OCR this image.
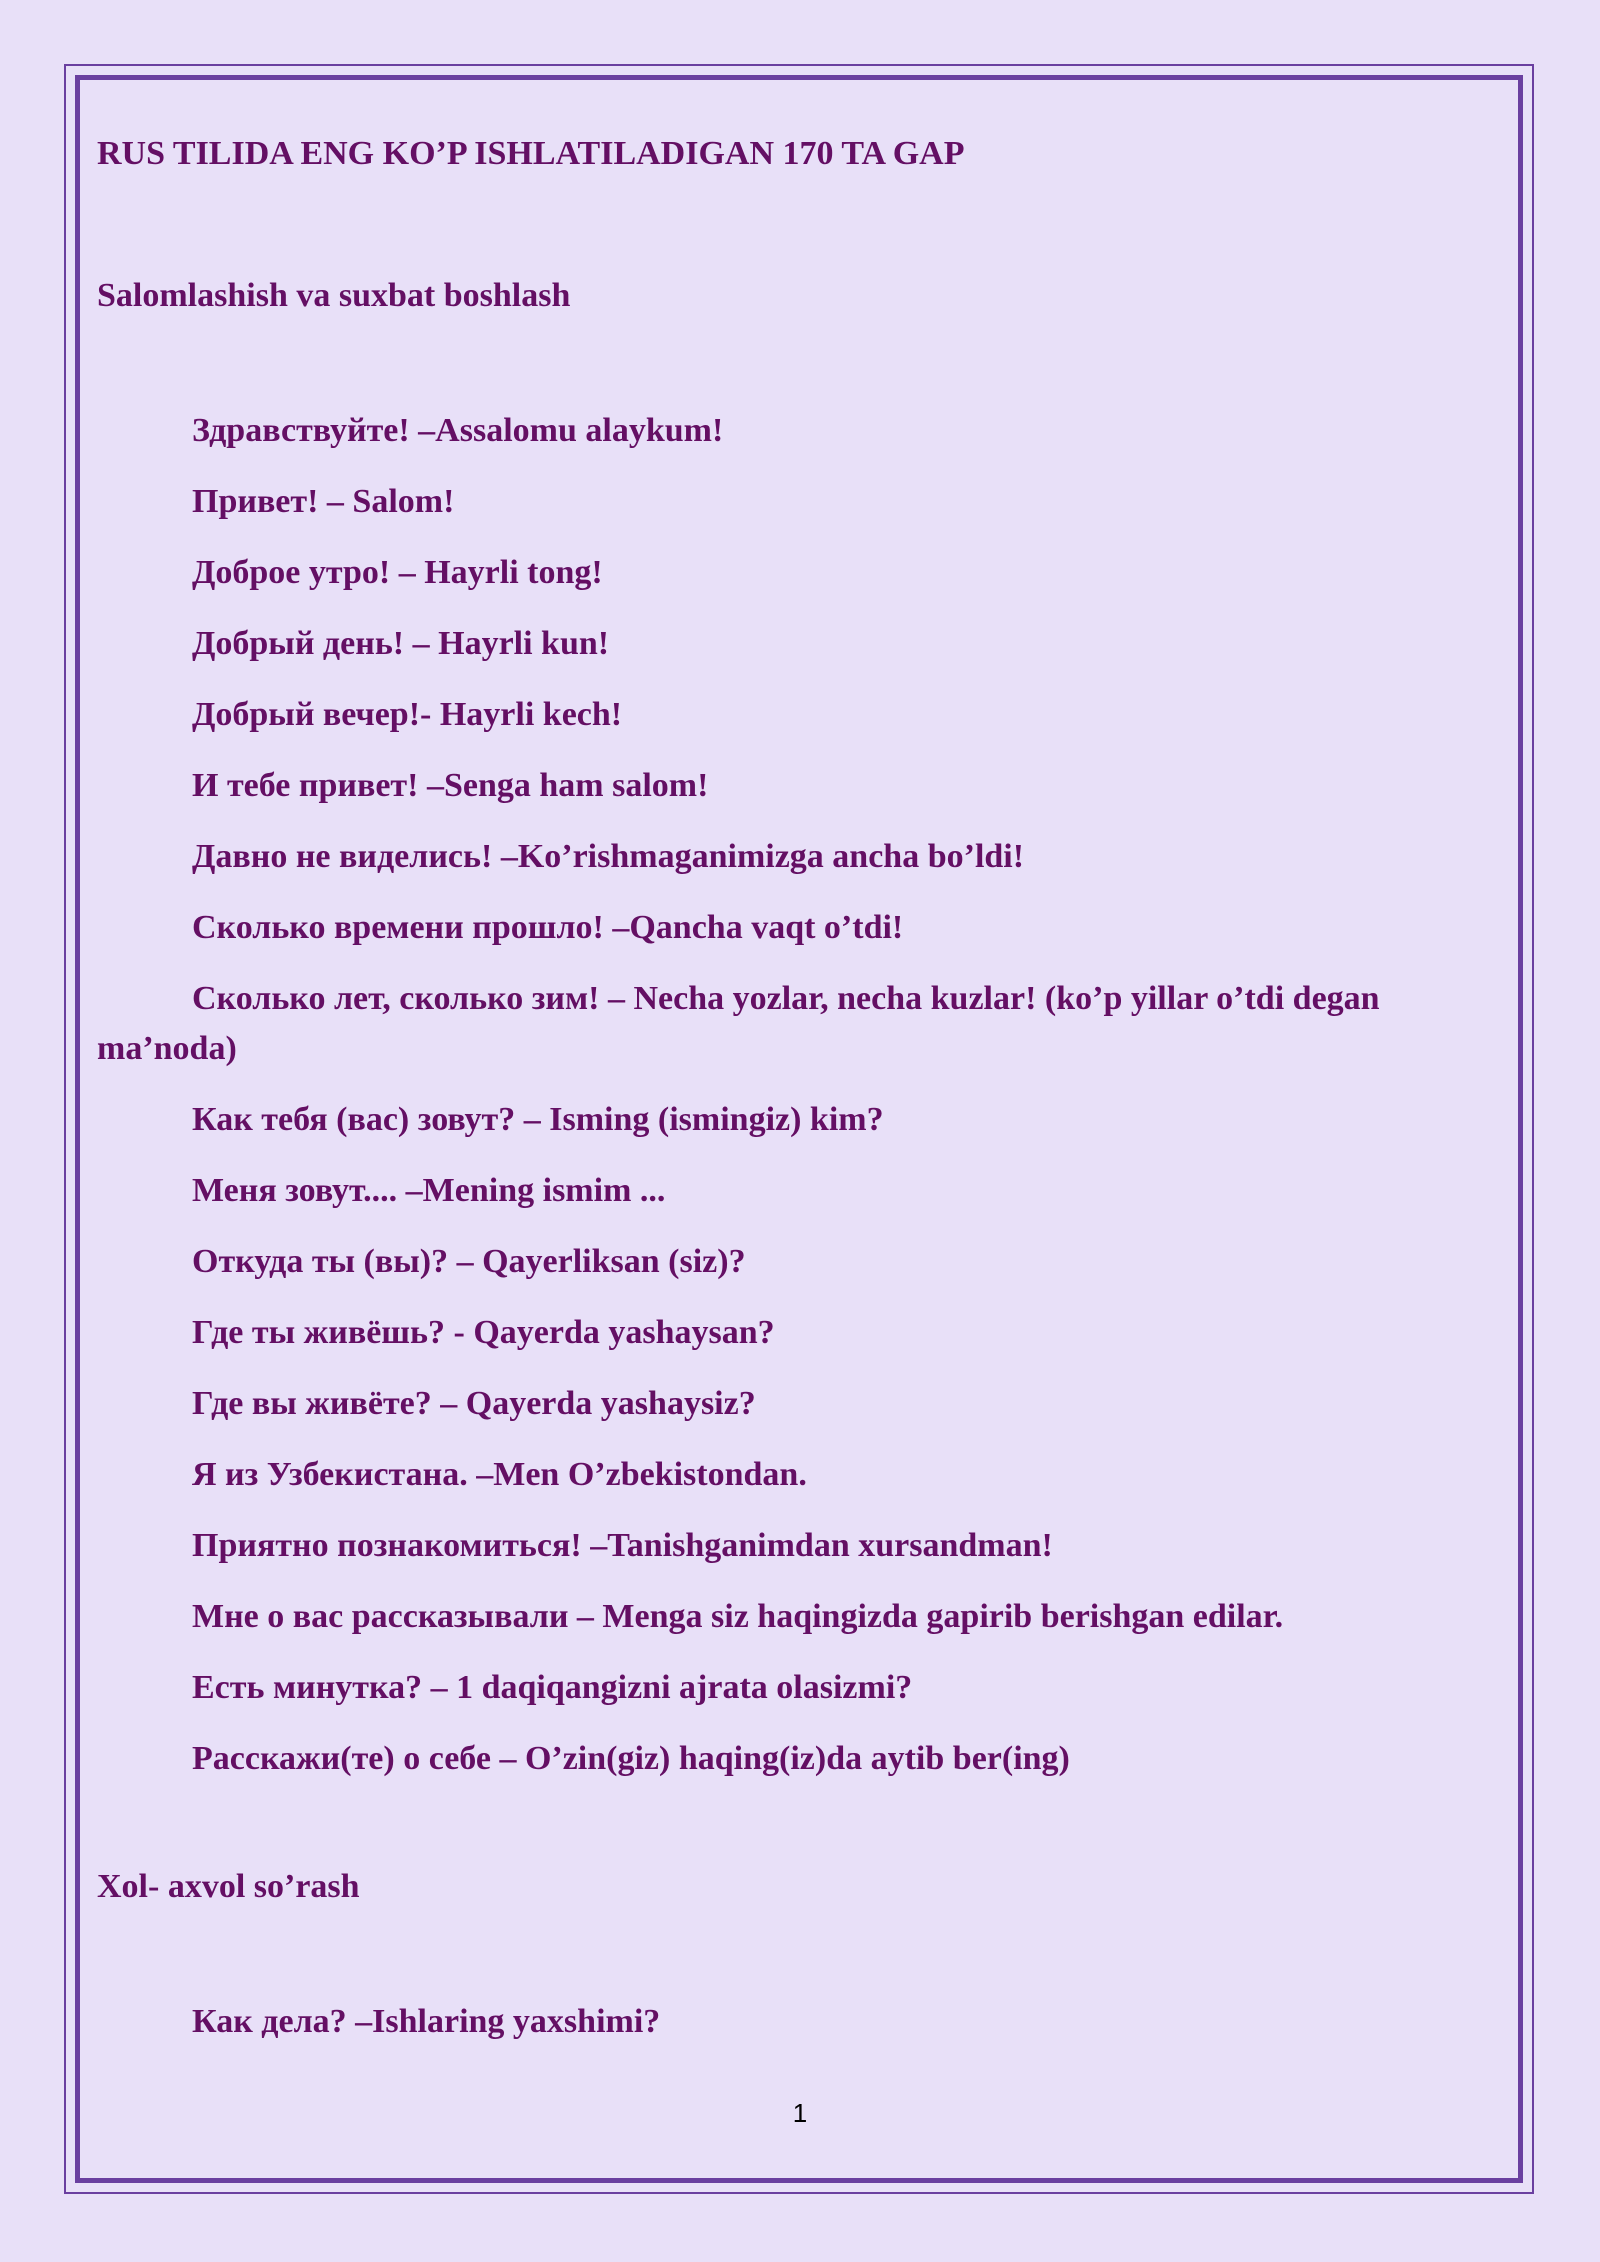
RUS TILIDA ENG KO’P ISHLATILADIGAN 170 TA GAP

Salomlashish va suxbat boshlash

Здравствуйте! –Assalomu alaykum!

Привет! – Salom!

Доброе утро! – Hayrli tong!

Добрый день! – Hayrli kun!

Добрый вечер!- Hayrli kech!

И тебе привет! –Senga ham salom!

Давно не виделись! –Ko’rishmaganimizga ancha bo’ldi!

Сколько времени прошло! –Qancha vaqt o’tdi!

Сколько лет, сколько зим! – Necha yozlar, necha kuzlar! (ko’p yillar o’tdi degan ma’noda)

Как тебя (вас) зовут? – Isming (ismingiz) kim?

Меня зовут.... –Mening ismim ...

Откуда ты (вы)? – Qayerliksan (siz)?

Где ты живёшь? - Qayerda yashaysan?

Где вы живёте? – Qayerda yashaysiz?

Я из Узбекистана. –Men O’zbekistondan.

Приятно познакомиться! –Tanishganimdan xursandman!

Мне о вас рассказывали – Menga siz haqingizda gapirib berishgan edilar.

Есть минутка? – 1 daqiqangizni ajrata olasizmi?

Расскажи(те) о себе – O’zin(giz) haqing(iz)da aytib ber(ing)

Xol- axvol so’rash

Как дела? –Ishlaring yaxshimi?

1
